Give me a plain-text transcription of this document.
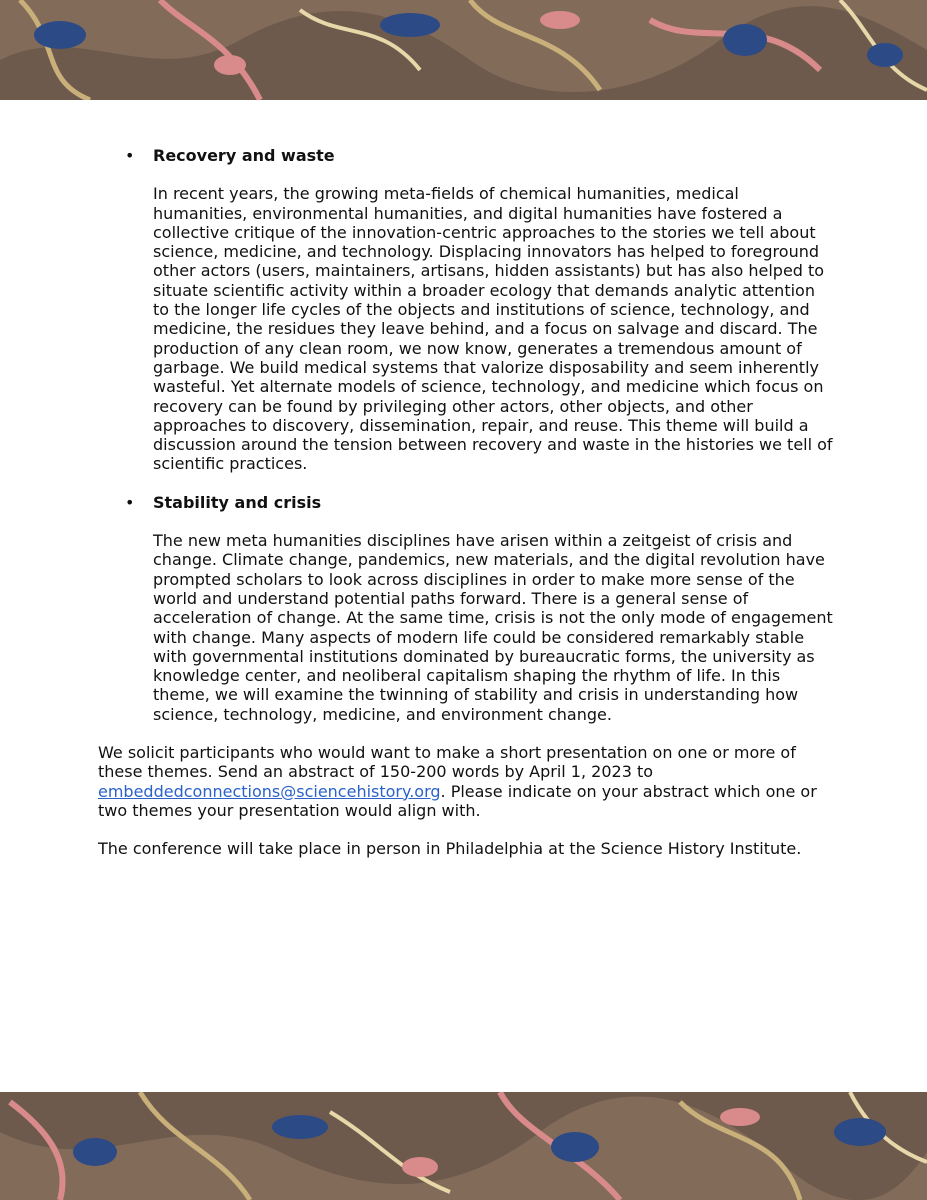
• Recovery and waste

In recent years, the growing meta-fields of chemical humanities, medical humanities, environmental humanities, and digital humanities have fostered a collective critique of the innovation-centric approaches to the stories we tell about science, medicine, and technology. Displacing innovators has helped to foreground other actors (users, maintainers, artisans, hidden assistants) but has also helped to situate scientific activity within a broader ecology that demands analytic attention to the longer life cycles of the objects and institutions of science, technology, and medicine, the residues they leave behind, and a focus on salvage and discard. The production of any clean room, we now know, generates a tremendous amount of garbage. We build medical systems that valorize disposability and seem inherently wasteful. Yet alternate models of science, technology, and medicine which focus on recovery can be found by privileging other actors, other objects, and other approaches to discovery, dissemination, repair, and reuse. This theme will build a discussion around the tension between recovery and waste in the histories we tell of scientific practices.

• Stability and crisis

The new meta humanities disciplines have arisen within a zeitgeist of crisis and change. Climate change, pandemics, new materials, and the digital revolution have prompted scholars to look across disciplines in order to make more sense of the world and understand potential paths forward. There is a general sense of acceleration of change. At the same time, crisis is not the only mode of engagement with change. Many aspects of modern life could be considered remarkably stable with governmental institutions dominated by bureaucratic forms, the university as knowledge center, and neoliberal capitalism shaping the rhythm of life. In this theme, we will examine the twinning of stability and crisis in understanding how science, technology, medicine, and environment change.

We solicit participants who would want to make a short presentation on one or more of these themes. Send an abstract of 150-200 words by April 1, 2023 to embeddedconnections@sciencehistory.org. Please indicate on your abstract which one or two themes your presentation would align with.

The conference will take place in person in Philadelphia at the Science History Institute.
